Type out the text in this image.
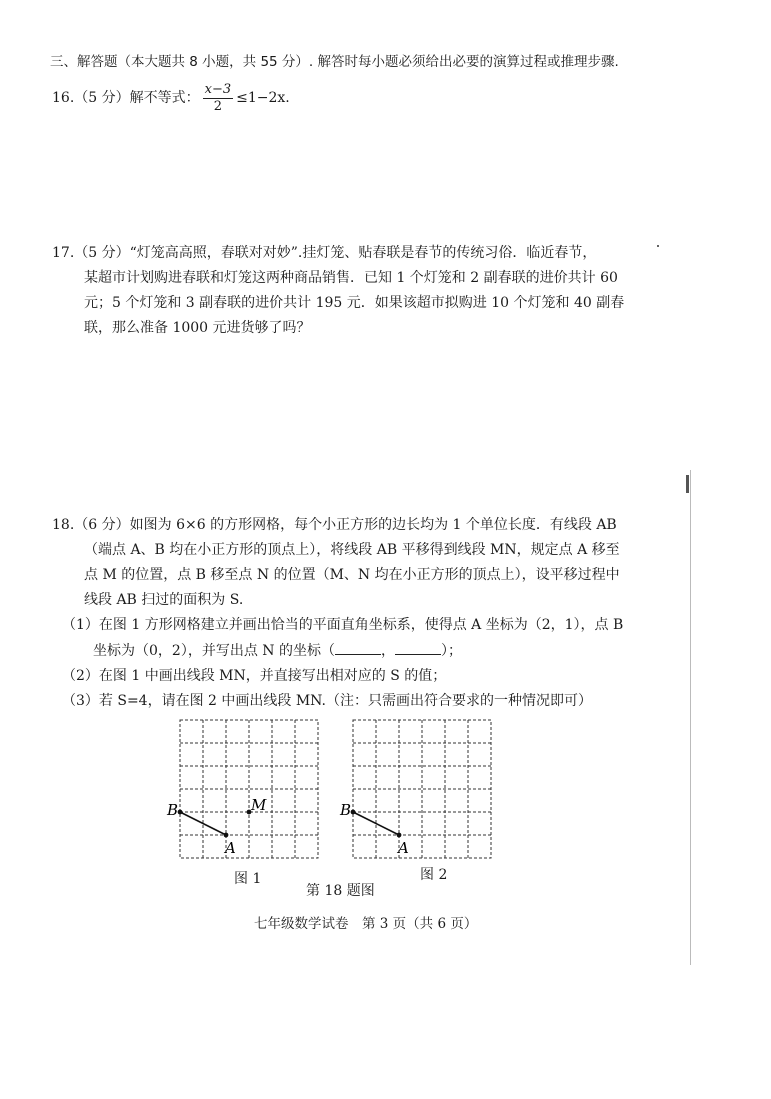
三、解答题（本大题共 8 小题，共 55 分）. 解答时每小题必须给出必要的演算过程或推理步骤.
16.（5 分）解不等式： $\frac{x-3}{2} \le 1-2x$.
17.（5 分）“灯笼高高照，春联对对妙”.挂灯笼、贴春联是春节的传统习俗．临近春节，
某超市计划购进春联和灯笼这两种商品销售．已知 1 个灯笼和 2 副春联的进价共计 60
元；5 个灯笼和 3 副春联的进价共计 195 元．如果该超市拟购进 10 个灯笼和 40 副春
联，那么准备 1000 元进货够了吗？
18.（6 分）如图为 6×6 的方形网格，每个小正方形的边长均为 1 个单位长度．有线段 AB
（端点 A、B 均在小正方形的顶点上），将线段 AB 平移得到线段 MN，规定点 A 移至
点 M 的位置，点 B 移至点 N 的位置（M、N 均在小正方形的顶点上），设平移过程中
线段 AB 扫过的面积为 S.
（1）在图 1 方形网格建立并画出恰当的平面直角坐标系，使得点 A 坐标为（2，1），点 B
坐标为（0，2），并写出点 N 的坐标（	，	）；
（2）在图 1 中画出线段 MN，并直接写出相对应的 S 的值；
（3）若 S=4，请在图 2 中画出线段 MN.（注：只需画出符合要求的一种情况即可）
B
A
M	B
A
图 1	图 2
第 18 题图
七年级数学试卷　第 3 页（共 6 页）
